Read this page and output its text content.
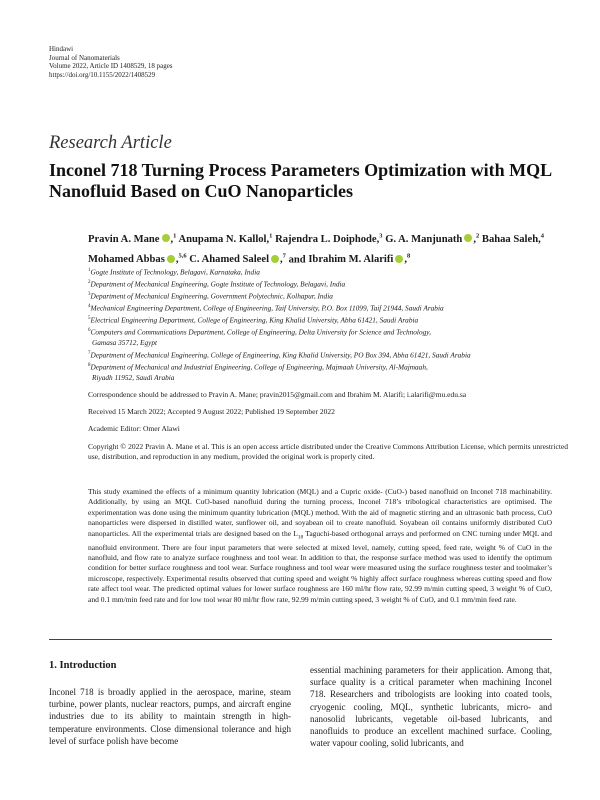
Hindawi
Journal of Nanomaterials
Volume 2022, Article ID 1408529, 18 pages
https://doi.org/10.1155/2022/1408529
Research Article
Inconel 718 Turning Process Parameters Optimization with MQL Nanofluid Based on CuO Nanoparticles
Pravin A. Mane ,$^1$ Anupama N. Kallol,$^1$ Rajendra L. Doiphode,$^3$ G. A. Manjunath ,$^2$ Bahaa Saleh,$^4$ Mohamed Abbas ,$^{5,6}$ C. Ahamed Saleel ,$^7$ and Ibrahim M. Alarifi ,$^8$
$^1$Gogte Institute of Technology, Belagavi, Karnataka, India
$^2$Department of Mechanical Engineering, Gogte Institute of Technology, Belagavi, India
$^3$Department of Mechanical Engineering, Government Polytechnic, Kolhapur, India
$^4$Mechanical Engineering Department, College of Engineering, Taif University, P.O. Box 11099, Taif 21944, Saudi Arabia
$^5$Electrical Engineering Department, College of Engineering, King Khalid University, Abha 61421, Saudi Arabia
$^6$Computers and Communications Department, College of Engineering, Delta University for Science and Technology,
Gamasa 35712, Egypt
$^7$Department of Mechanical Engineering, College of Engineering, King Khalid University, PO Box 394, Abha 61421, Saudi Arabia
$^8$Department of Mechanical and Industrial Engineering, College of Engineering, Majmaah University, Al-Majmaah,
Riyadh 11952, Saudi Arabia
Correspondence should be addressed to Pravin A. Mane; pravin2015@gmail.com and Ibrahim M. Alarifi; i.alarifi@mu.edu.sa
Received 15 March 2022; Accepted 9 August 2022; Published 19 September 2022
Academic Editor: Omer Alawi
Copyright © 2022 Pravin A. Mane et al. This is an open access article distributed under the Creative Commons Attribution License, which permits unrestricted use, distribution, and reproduction in any medium, provided the original work is properly cited.
This study examined the effects of a minimum quantity lubrication (MQL) and a Cupric oxide- (CuO-) based nanofluid on Inconel 718 machinability. Additionally, by using an MQL CuO-based nanofluid during the turning process, Inconel 718’s tribological characteristics are optimised. The experimentation was done using the minimum quantity lubrication (MQL) method. With the aid of magnetic stirring and an ultrasonic bath process, CuO nanoparticles were dispersed in distilled water, sunflower oil, and soyabean oil to create nanofluid. Soyabean oil contains uniformly distributed CuO nanoparticles. All the experimental trials are designed based on the $L_{18}$ Taguchi-based orthogonal arrays and performed on CNC turning under MQL and nanofluid environment. There are four input parameters that were selected at mixed level, namely, cutting speed, feed rate, weight % of CuO in the nanofluid, and flow rate to analyze surface roughness and tool wear. In addition to that, the response surface method was used to identify the optimum condition for better surface roughness and tool wear. Surface roughness and tool wear were measured using the surface roughness tester and toolmaker’s microscope, respectively. Experimental results observed that cutting speed and weight % highly affect surface roughness whereas cutting speed and flow rate affect tool wear. The predicted optimal values for lower surface roughness are 160 ml/hr flow rate, 92.99 m/min cutting speed, 3 weight % of CuO, and 0.1 mm/min feed rate and for low tool wear 80 ml/hr flow rate, 92.99 m/min cutting speed, 3 weight % of CuO, and 0.1 mm/min feed rate.
1. Introduction
Inconel 718 is broadly applied in the aerospace, marine, steam turbine, power plants, nuclear reactors, pumps, and aircraft engine industries due to its ability to maintain strength in high-temperature environments. Close dimensional tolerance and high level of surface polish have become
essential machining parameters for their application. Among that, surface quality is a critical parameter when machining Inconel 718. Researchers and tribologists are looking into coated tools, cryogenic cooling, MQL, synthetic lubricants, micro- and nanosolid lubricants, vegetable oil-based lubricants, and nanofluids to produce an excellent machined surface. Cooling, water vapour cooling, solid lubricants, and
